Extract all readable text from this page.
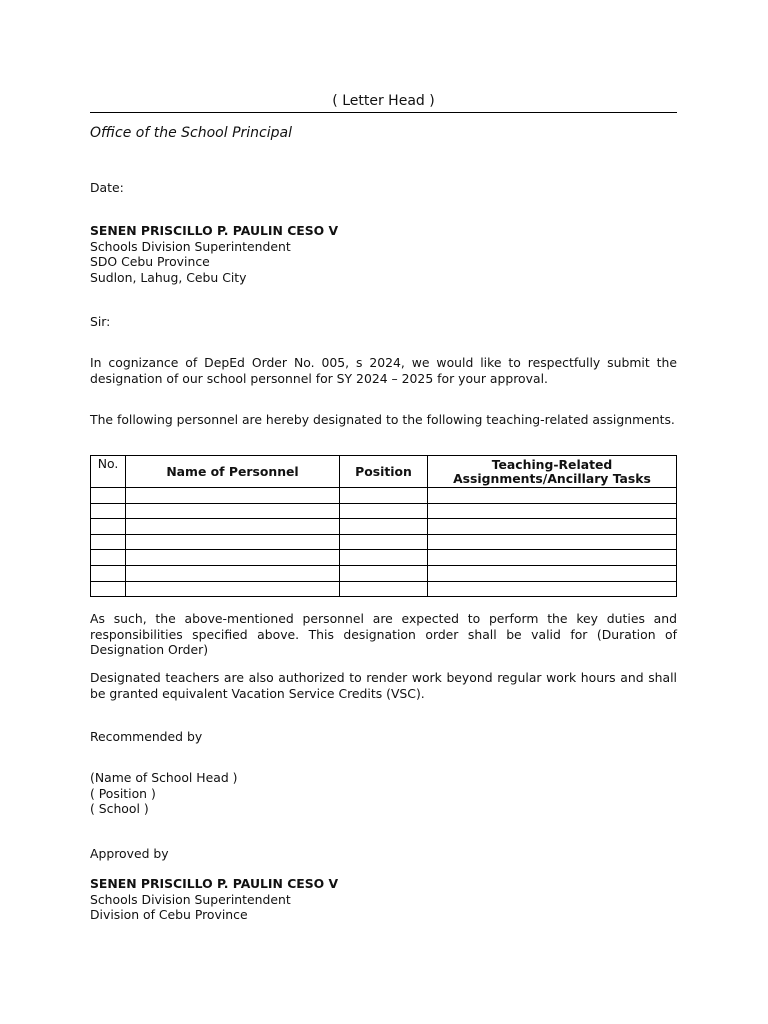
( Letter Head )
Office of the School Principal
Date:
SENEN PRISCILLO P. PAULIN CESO V
Schools Division Superintendent
SDO Cebu Province
Sudlon, Lahug, Cebu City
Sir:
In cognizance of DepEd Order No. 005, s 2024, we would like to respectfully submit the designation of our school personnel for SY 2024 – 2025 for your approval.
The following personnel are hereby designated to the following teaching-related assignments.
No.	Name of Personnel	Position	Teaching-Related
Assignments/Ancillary Tasks

As such, the above-mentioned personnel are expected to perform the key duties and responsibilities specified above. This designation order shall be valid for (Duration of Designation Order)
Designated teachers are also authorized to render work beyond regular work hours and shall be granted equivalent Vacation Service Credits (VSC).
Recommended by
(Name of School Head )
( Position )
( School )
Approved by
SENEN PRISCILLO P. PAULIN CESO V
Schools Division Superintendent
Division of Cebu Province
